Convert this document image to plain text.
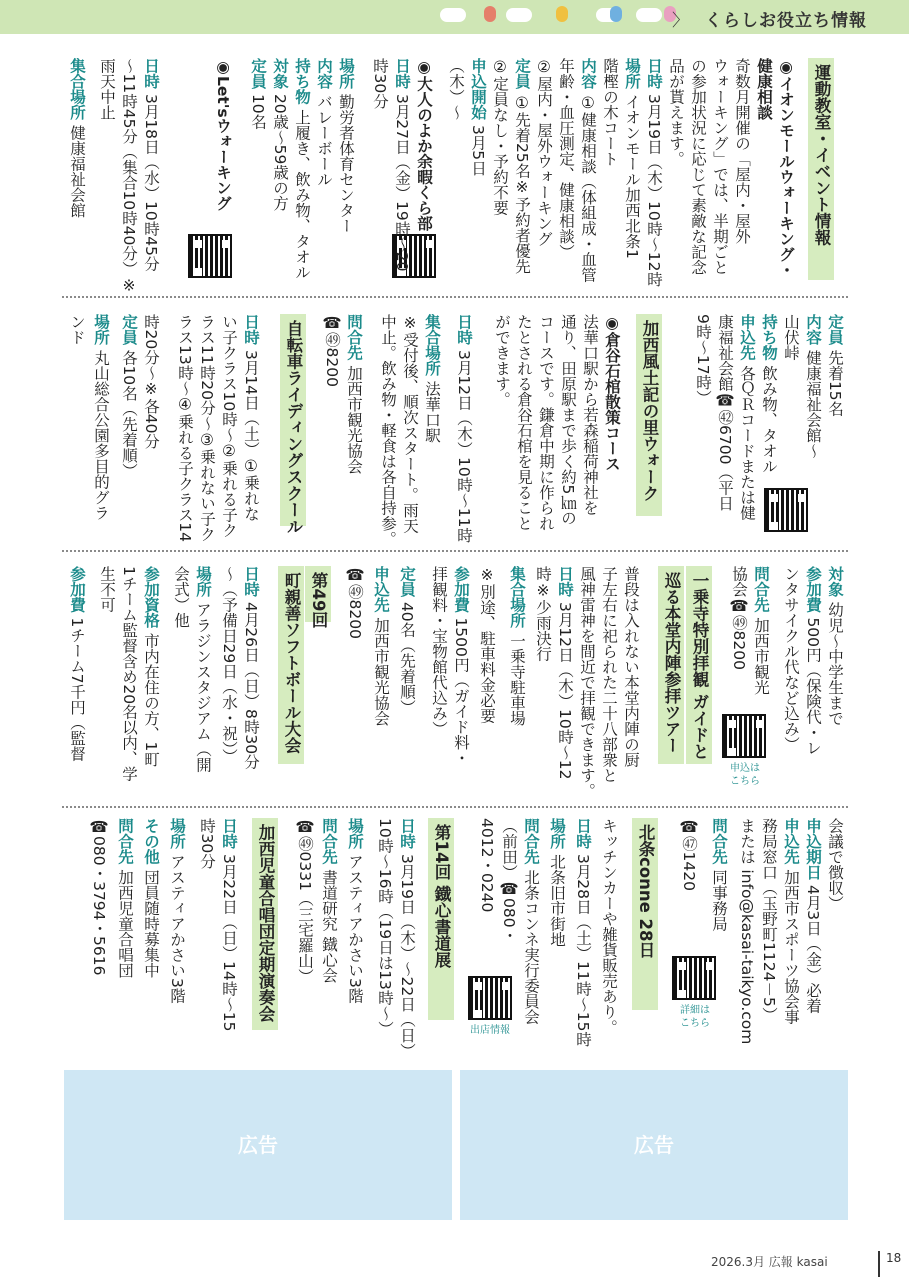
〉 くらしお役立ち情報
運動教室・イベント情報
◉イオンモールウォーキング・
健康相談
奇数月開催の「屋内・屋外
ウォーキング」では、半期ごと
の参加状況に応じて素敵な記念
品が貰えます。
日時 3月19日（木）10時～12時
場所 イオンモール加西北条1
階樫の木コート
内容 ①健康相談（体組成・血管
年齢・血圧測定、健康相談）
②屋内・屋外ウォーキング
定員 ①先着25名※予約者優先
②定員なし・予約不要
申込開始 3月5日
（木）～
◉大人のよか余暇くら部
日時 3月27日（金）19時～20
時30分
場所 勤労者体育センター
内容 バレーボール
持ち物 上履き、飲み物、タオル
対象 20歳～59歳の方
定員 10名
◉Let'sウォーキング
日時 3月18日（水）10時45分
～11時45分（集合10時40分）※
雨天中止
集合場所 健康福祉会館
定員 先着15名
内容 健康福祉会館～
山伏峠
持ち物 飲み物、タオル
申込先 各ＱＲコードまたは健
康福祉会館☎㊷6700（平日
9時～17時）
加西風土記の里ウォーク
◉倉谷石棺散策コース
法華口駅から若森稲荷神社を
通り、田原駅まで歩く約5㎞の
コースです。鎌倉中期に作られ
たとされる倉谷石棺を見ること
ができます。
日時 3月12日（木）10時～11時
集合場所 法華口駅
※受付後、順次スタート。雨天
中止。飲み物・軽食は各自持参。
問合先 加西市観光協会
☎㊾8200
自転車ライディングスクール
日時 3月14日（土）①乗れな
い子クラス10時～②乗れる子ク
ラス11時20分～③乗れない子ク
ラス13時～④乗れる子クラス14
時20分～※各40分
定員 各10名（先着順）
場所 丸山総合公園多目的グラ
ンド
対象 幼児～中学生まで
参加費 500円（保険代・レ
ンタサイクル代など込み）
問合先 加西市観光
協会☎㊾8200
申込は
こちら
一乗寺特別拝観 ガイドと
巡る本堂内陣参拝ツアー
普段は入れない本堂内陣の厨
子左右に祀られた二十八部衆と
風神雷神を間近で拝観できます。
日時 3月12日（木）10時～12
時※少雨決行
集合場所 一乗寺駐車場
※別途、駐車料金必要
参加費 1500円（ガイド料・
拝観料・宝物館代込み）
定員 40名（先着順）
申込先 加西市観光協会
☎㊾8200
第49回
町親善ソフトボール大会
日時 4月26日（日）8時30分
～（予備日29日（水・祝））
場所 アラジンスタジアム（開
会式）他
参加資格 市内在住の方、1町
1チーム監督含め20名以内、学
生不可
参加費 1チーム7千円（監督
会議で徴収）
申込期日 4月3日（金）必着
申込先 加西市スポーツ協会事
務局窓口（玉野町1124－5）
または info@kasai-taikyo.com
問合先 同事務局
☎㊼1420
詳細は
こちら
北条conne 28日
キッチンカーや雑貨販売あり。
日時 3月28日（土）11時～15時
場所 北条旧市街地
問合先 北条コンネ実行委員会
（前田）☎080・
4012・0240
出店情報
第14回 鐡心書道展
日時 3月19日（木）～22日（日）
10時～16時（19日は13時～）
場所 アスティアかさい3階
問合先 書道研究 鐡心会
☎㊾0331（三宅羅山）
加西児童合唱団定期演奏会
日時 3月22日（日）14時～15
時30分
場所 アスティアかさい3階
その他 団員随時募集中
問合先 加西児童合唱団
☎080・3794・5616
広告	広告
2026.3月 広報 kasai	18
